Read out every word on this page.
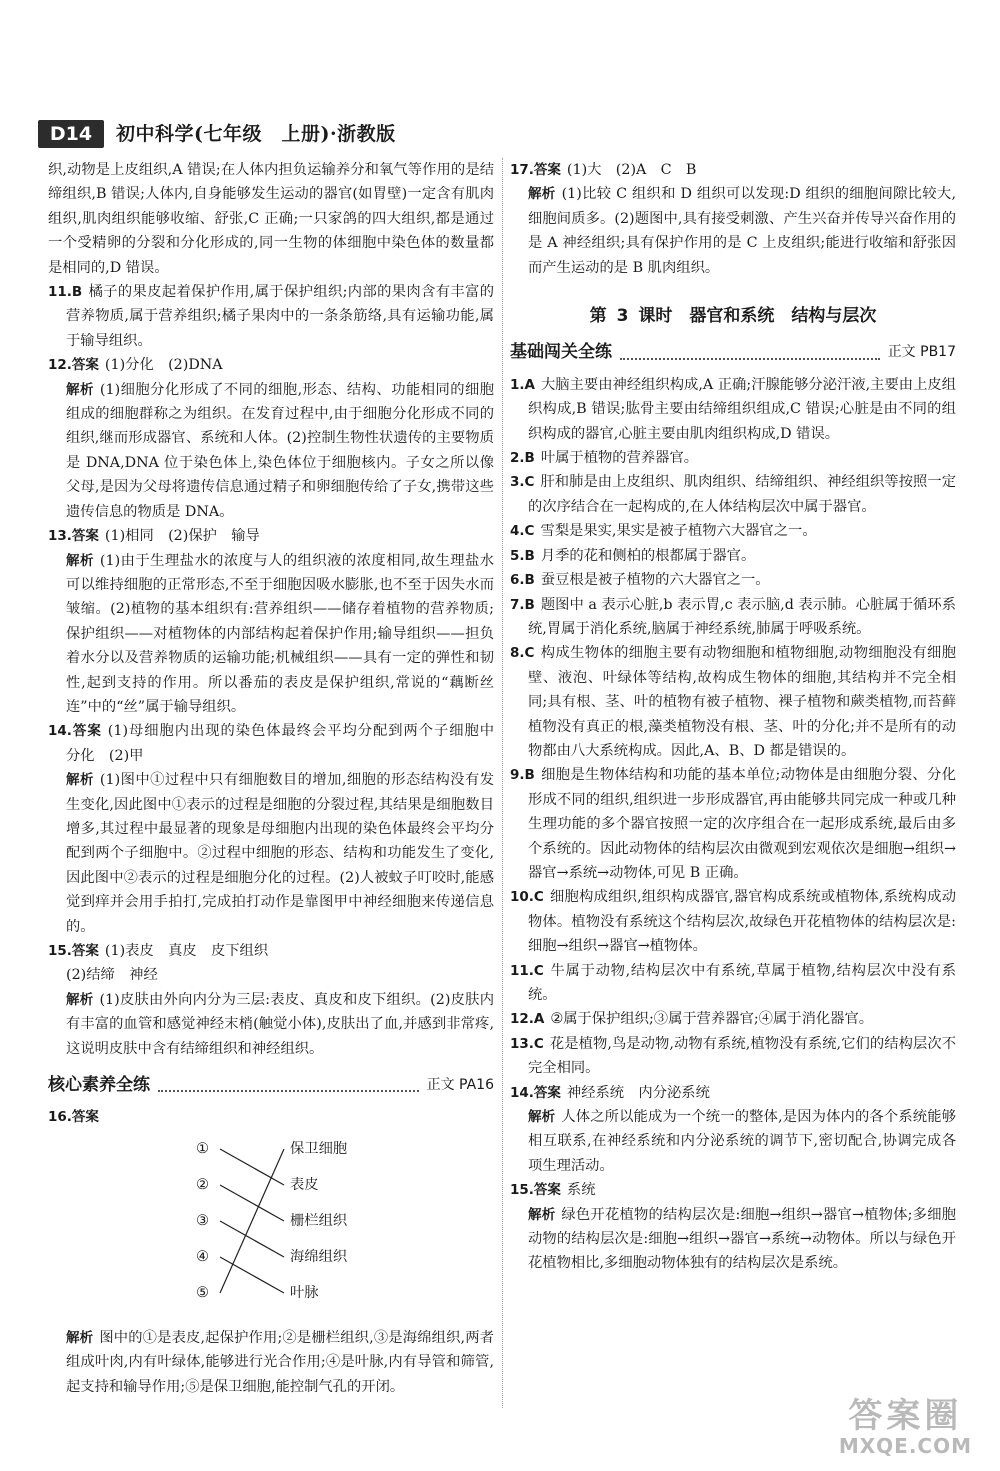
D14	初中科学(七年级　上册)·浙教版

织,动物是上皮组织,A 错误;在人体内担负运输养分和氧气等作用的是结缔组织,B 错误;人体内,自身能够发生运动的器官(如胃壁)一定含有肌肉组织,肌肉组织能够收缩、舒张,C 正确;一只家鸽的四大组织,都是通过一个受精卵的分裂和分化形成的,同一生物的体细胞中染色体的数量都是相同的,D 错误。

11.B 橘子的果皮起着保护作用,属于保护组织;内部的果肉含有丰富的营养物质,属于营养组织;橘子果肉中的一条条筋络,具有运输功能,属于输导组织。

12.答案 (1)分化　(2)DNA

解析 (1)细胞分化形成了不同的细胞,形态、结构、功能相同的细胞组成的细胞群称之为组织。在发育过程中,由于细胞分化形成不同的组织,继而形成器官、系统和人体。(2)控制生物性状遗传的主要物质是 DNA,DNA 位于染色体上,染色体位于细胞核内。子女之所以像父母,是因为父母将遗传信息通过精子和卵细胞传给了子女,携带这些遗传信息的物质是 DNA。

13.答案 (1)相同　(2)保护　输导

解析 (1)由于生理盐水的浓度与人的组织液的浓度相同,故生理盐水可以维持细胞的正常形态,不至于细胞因吸水膨胀,也不至于因失水而皱缩。(2)植物的基本组织有:营养组织——储存着植物的营养物质;保护组织——对植物体的内部结构起着保护作用;输导组织——担负着水分以及营养物质的运输功能;机械组织——具有一定的弹性和韧性,起到支持的作用。所以番茄的表皮是保护组织,常说的“藕断丝连”中的“丝”属于输导组织。

14.答案 (1)母细胞内出现的染色体最终会平均分配到两个子细胞中　分化　(2)甲

解析 (1)图中①过程中只有细胞数目的增加,细胞的形态结构没有发生变化,因此图中①表示的过程是细胞的分裂过程,其结果是细胞数目增多,其过程中最显著的现象是母细胞内出现的染色体最终会平均分配到两个子细胞中。②过程中细胞的形态、结构和功能发生了变化,因此图中②表示的过程是细胞分化的过程。(2)人被蚊子叮咬时,能感觉到痒并会用手拍打,完成拍打动作是靠图甲中神经细胞来传递信息的。

15.答案 (1)表皮　真皮　皮下组织

(2)结缔　神经

解析 (1)皮肤由外向内分为三层:表皮、真皮和皮下组织。(2)皮肤内有丰富的血管和感觉神经末梢(触觉小体),皮肤出了血,并感到非常疼,这说明皮肤中含有结缔组织和神经组织。

核心素养全练	正文 PA16

16.答案

①
②
③
④
⑤
保卫细胞
表皮
栅栏组织
海绵组织
叶脉

解析 图中的①是表皮,起保护作用;②是栅栏组织,③是海绵组织,两者组成叶肉,内有叶绿体,能够进行光合作用;④是叶脉,内有导管和筛管,起支持和输导作用;⑤是保卫细胞,能控制气孔的开闭。

17.答案 (1)大　(2)A　C　B

解析 (1)比较 C 组织和 D 组织可以发现:D 组织的细胞间隙比较大,细胞间质多。(2)题图中,具有接受刺激、产生兴奋并传导兴奋作用的是 A 神经组织;具有保护作用的是 C 上皮组织;能进行收缩和舒张因而产生运动的是 B 肌肉组织。

第 3 课时　器官和系统　结构与层次
基础闯关全练	正文 PB17

1.A 大脑主要由神经组织构成,A 正确;汗腺能够分泌汗液,主要由上皮组织构成,B 错误;肱骨主要由结缔组织组成,C 错误;心脏是由不同的组织构成的器官,心脏主要由肌肉组织构成,D 错误。

2.B 叶属于植物的营养器官。

3.C 肝和肺是由上皮组织、肌肉组织、结缔组织、神经组织等按照一定的次序结合在一起构成的,在人体结构层次中属于器官。

4.C 雪梨是果实,果实是被子植物六大器官之一。

5.B 月季的花和侧柏的根都属于器官。

6.B 蚕豆根是被子植物的六大器官之一。

7.B 题图中 a 表示心脏,b 表示胃,c 表示脑,d 表示肺。心脏属于循环系统,胃属于消化系统,脑属于神经系统,肺属于呼吸系统。

8.C 构成生物体的细胞主要有动物细胞和植物细胞,动物细胞没有细胞壁、液泡、叶绿体等结构,故构成生物体的细胞,其结构并不完全相同;具有根、茎、叶的植物有被子植物、裸子植物和蕨类植物,而苔藓植物没有真正的根,藻类植物没有根、茎、叶的分化;并不是所有的动物都由八大系统构成。因此,A、B、D 都是错误的。

9.B 细胞是生物体结构和功能的基本单位;动物体是由细胞分裂、分化形成不同的组织,组织进一步形成器官,再由能够共同完成一种或几种生理功能的多个器官按照一定的次序组合在一起形成系统,最后由多个系统的。因此动物体的结构层次由微观到宏观依次是细胞→组织→器官→系统→动物体,可见 B 正确。

10.C 细胞构成组织,组织构成器官,器官构成系统或植物体,系统构成动物体。植物没有系统这个结构层次,故绿色开花植物体的结构层次是:细胞→组织→器官→植物体。

11.C 牛属于动物,结构层次中有系统,草属于植物,结构层次中没有系统。

12.A ②属于保护组织;③属于营养器官;④属于消化器官。

13.C 花是植物,鸟是动物,动物有系统,植物没有系统,它们的结构层次不完全相同。

14.答案 神经系统　内分泌系统

解析 人体之所以能成为一个统一的整体,是因为体内的各个系统能够相互联系,在神经系统和内分泌系统的调节下,密切配合,协调完成各项生理活动。

15.答案 系统

解析 绿色开花植物的结构层次是:细胞→组织→器官→植物体;多细胞动物的结构层次是:细胞→组织→器官→系统→动物体。所以与绿色开花植物相比,多细胞动物体独有的结构层次是系统。

答案圈
MXQE.COM
